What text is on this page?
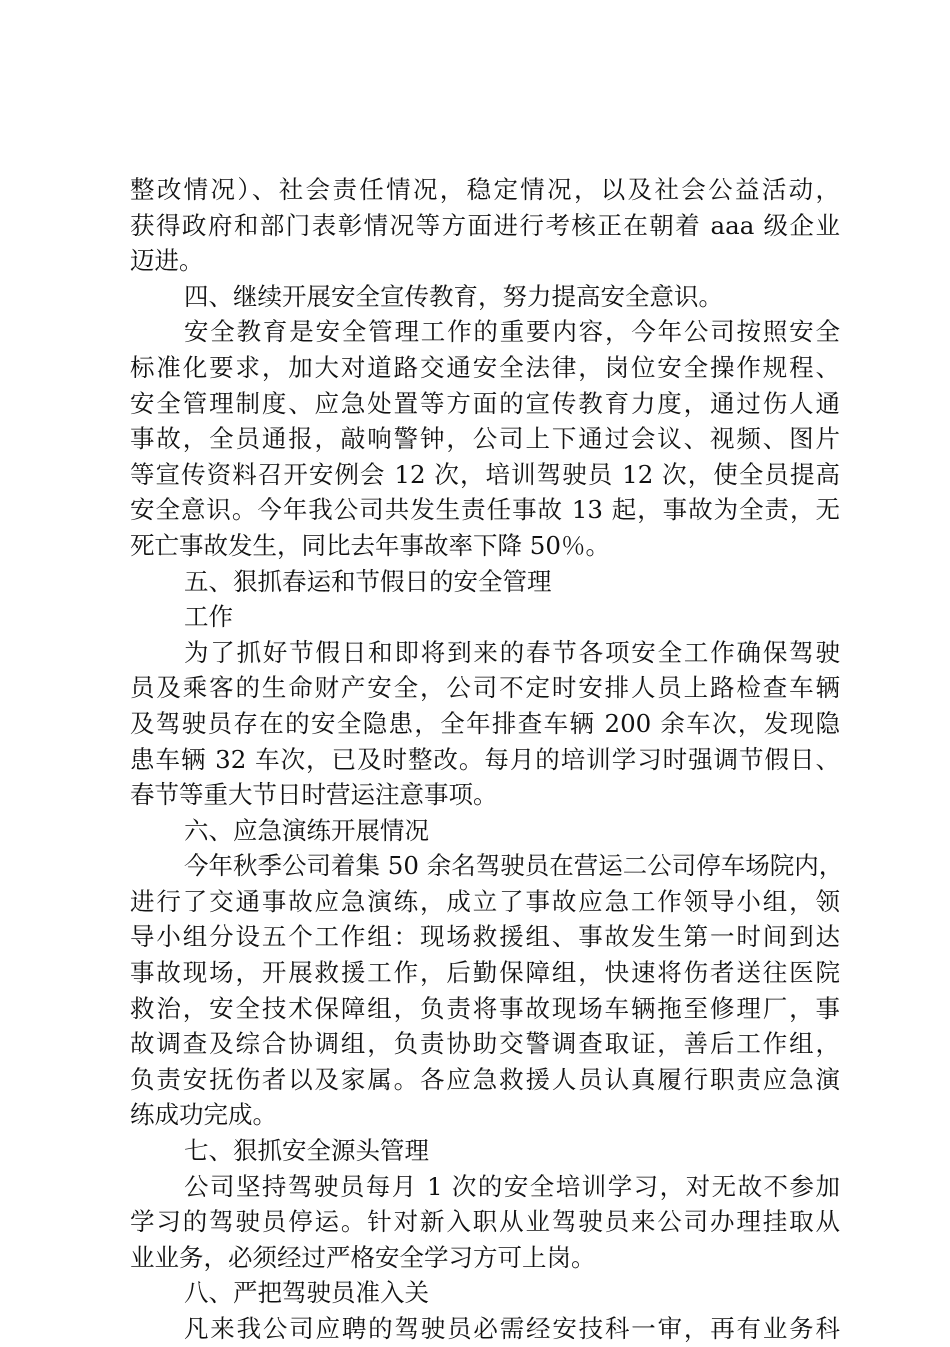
整改情况）、社会责任情况，稳定情况，以及社会公益活动，
获得政府和部门表彰情况等方面进行考核正在朝着 aaa 级企业
迈进。
四、继续开展安全宣传教育，努力提高安全意识。
安全教育是安全管理工作的重要内容，今年公司按照安全
标准化要求，加大对道路交通安全法律，岗位安全操作规程、
安全管理制度、应急处置等方面的宣传教育力度，通过伤人通
事故，全员通报，敲响警钟，公司上下通过会议、视频、图片
等宣传资料召开安例会 12 次，培训驾驶员 12 次，使全员提高
安全意识。今年我公司共发生责任事故 13 起，事故为全责，无
死亡事故发生，同比去年事故率下降 50％。
五、狠抓春运和节假日的安全管理
工作
为了抓好节假日和即将到来的春节各项安全工作确保驾驶
员及乘客的生命财产安全，公司不定时安排人员上路检查车辆
及驾驶员存在的安全隐患，全年排查车辆 200 余车次，发现隐
患车辆 32 车次，已及时整改。每月的培训学习时强调节假日、
春节等重大节日时营运注意事项。
六、应急演练开展情况
今年秋季公司着集 50 余名驾驶员在营运二公司停车场院内，
进行了交通事故应急演练，成立了事故应急工作领导小组，领
导小组分设五个工作组：现场救援组、事故发生第一时间到达
事故现场，开展救援工作，后勤保障组，快速将伤者送往医院
救治，安全技术保障组，负责将事故现场车辆拖至修理厂，事
故调查及综合协调组，负责协助交警调查取证，善后工作组，
负责安抚伤者以及家属。各应急救援人员认真履行职责应急演
练成功完成。
七、狠抓安全源头管理
公司坚持驾驶员每月 1 次的安全培训学习，对无故不参加
学习的驾驶员停运。针对新入职从业驾驶员来公司办理挂取从
业业务，必须经过严格安全学习方可上岗。
八、严把驾驶员准入关
凡来我公司应聘的驾驶员必需经安技科一审，再有业务科
